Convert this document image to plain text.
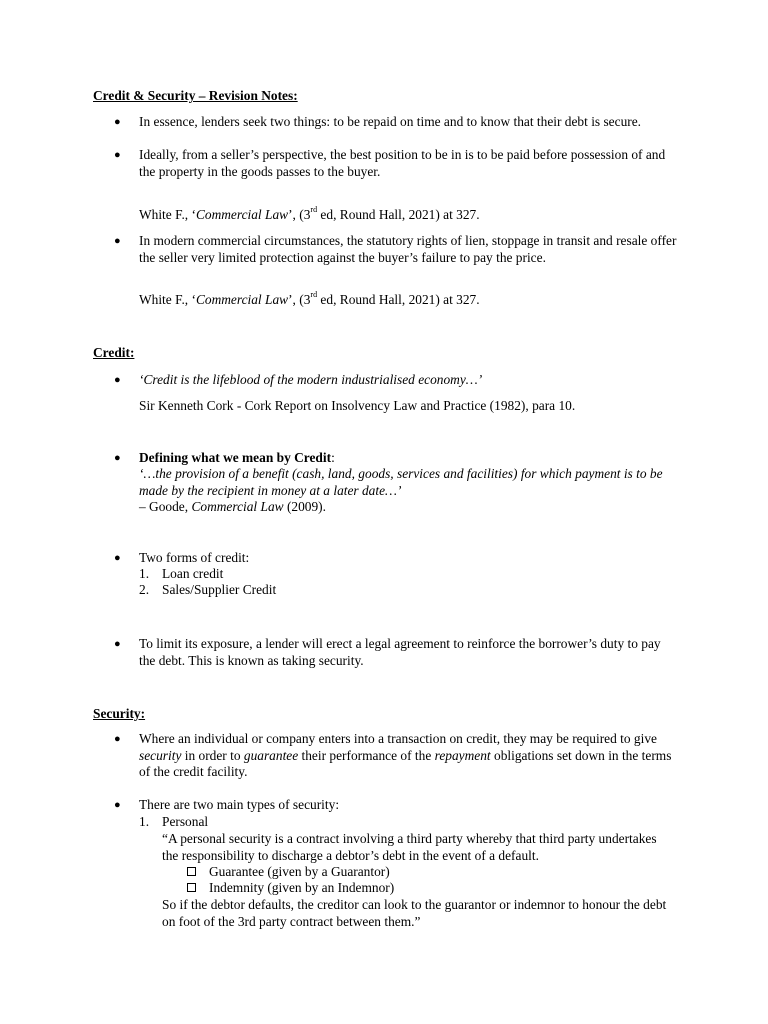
Credit & Security – Revision Notes:
● In essence, lenders seek two things: to be repaid on time and to know that their debt is secure.
● Ideally, from a seller’s perspective, the best position to be in is to be paid before possession of and the property in the goods passes to the buyer.
White F., ‘Commercial Law’, (3rd ed, Round Hall, 2021) at 327.
● In modern commercial circumstances, the statutory rights of lien, stoppage in transit and resale offer the seller very limited protection against the buyer’s failure to pay the price.
White F., ‘Commercial Law’, (3rd ed, Round Hall, 2021) at 327.
Credit:
● ‘Credit is the lifeblood of the modern industrialised economy…’
Sir Kenneth Cork - Cork Report on Insolvency Law and Practice (1982), para 10.
● Defining what we mean by Credit:
‘…the provision of a benefit (cash, land, goods, services and facilities) for which payment is to be made by the recipient in money at a later date…’
– Goode, Commercial Law (2009).
● Two forms of credit:
1. Loan credit
2. Sales/Supplier Credit
● To limit its exposure, a lender will erect a legal agreement to reinforce the borrower’s duty to pay the debt. This is known as taking security.
Security:
● Where an individual or company enters into a transaction on credit, they may be required to give security in order to guarantee their performance of the repayment obligations set down in the terms of the credit facility.
● There are two main types of security:
1. Personal
“A personal security is a contract involving a third party whereby that third party undertakes the responsibility to discharge a debtor’s debt in the event of a default.
Guarantee (given by a Guarantor)
Indemnity (given by an Indemnor)
So if the debtor defaults, the creditor can look to the guarantor or indemnor to honour the debt on foot of the 3rd party contract between them.”
